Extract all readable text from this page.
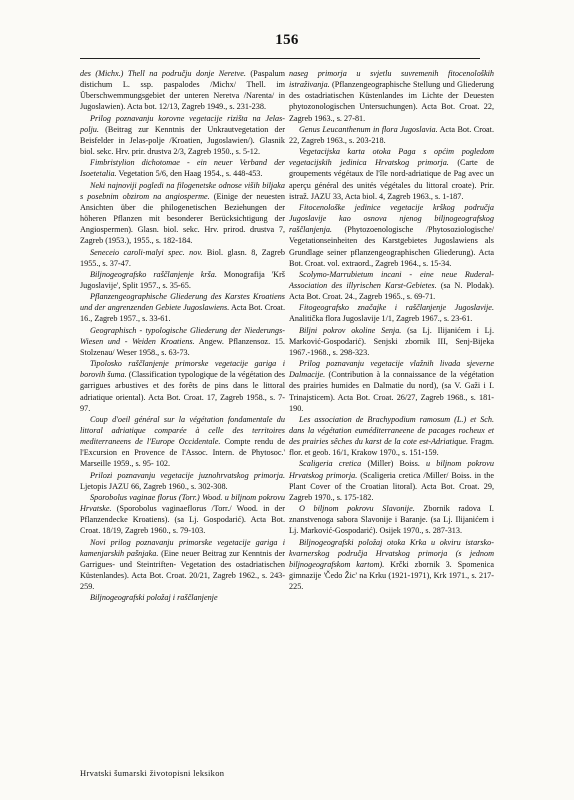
156

des (Michx.) Thell na području donje Neretve. (Paspalum distichum L. ssp. paspalodes /Michx/ Thell. im Überschwemmungsgebiet der unteren Neretva /Narenta/ in Jugoslawien). Acta bot. 12/13, Zagreb 1949., s. 231-238.

Prilog poznavanju korovne vegetacije rizišta na Jelas-polju. (Beitrag zur Kenntnis der Unkrautvegetation der Beisfelder in Jelas-polje /Kroatien, Jugoslawien/). Glasnik biol. sekc. Hrv. prir. drustva 2/3, Zagreb 1950., s. 5-12.

Fimbristylion dichotomae - ein neuer Verband der Isoetetalia. Vegetation 5/6, den Haag 1954., s. 448-453.

Neki najnoviji pogledi na filogenetske odnose viših biljaka s posebnim obzirom na angiosperme. (Einige der neuesten Ansichten über die philogenetischen Beziehungen der höheren Pflanzen mit besonderer Berücksichtigung der Angiospermen). Glasn. biol. sekc. Hrv. prirod. drustva 7, Zagreb (1953.), 1955., s. 182-184.

Seneceio caroli-malyi spec. nov. Biol. glasn. 8, Zagreb 1955., s. 37-47.

Biljnogeografsko raščlanjenje krša. Monografija 'Krš Jugoslavije', Split 1957., s. 35-65.

Pflanzengeographische Gliederung des Karstes Kroatiens und der angrenzenden Gebiete Jugoslawiens. Acta Bot. Croat. 16., Zagreb 1957., s. 33-61.

Geographisch - typologische Gliederung der Niederungs-Wiesen und - Weiden Kroatiens. Angew. Pflanzensoz. 15. Stolzenau/ Weser 1958., s. 63-73.

Tipolosko raščlanjenje primorske vegetacije gariga i borovih šuma. (Classification typologique de la végétation des garrigues arbustives et des forêts de pins dans le littoral adriatique oriental). Acta Bot. Croat. 17, Zagreb 1958., s. 7-97.

Coup d'oeil général sur la végétation fondamentale du littoral adriatique comparée à celle des territoires mediterraneens de l'Europe Occidentale. Compte rendu de l'Excursion en Provence de l'Assoc. Intern. de Phytosoc.' Marseille 1959., s. 95- 102.

Prilozi poznavanju vegetacije juznohrvatskog primorja. Ljetopis JAZU 66, Zagreb 1960., s. 302-308.

Sporobolus vaginae florus (Torr.) Wood. u biljnom pokrovu Hrvatske. (Sporobolus vaginaeflorus /Torr./ Wood. in der Pflanzendecke Kroatiens). (sa Lj. Gospodarić). Acta Bot. Croat. 18/19, Zagreb 1960., s. 79-103.

Novi prilog poznavanju primorske vegetacije gariga i kamenjarskih pašnjaka. (Eine neuer Beitrag zur Kenntnis der Garrigues- und Steintriften- Vegetation des ostadriatischen Küstenlandes). Acta Bot. Croat. 20/21, Zagreb 1962., s. 243-259.

Biljnogeografski položaj i raščlanjenje

naseg primorja u svjetlu suvremenih fitocenoloških istraživanja. (Pflanzengeographische Stellung und Gliederung des ostadriatischen Küstenlandes im Lichte der Deuesten phytozonologischen Untersuchungen). Acta Bot. Croat. 22, Zagreb 1963., s. 27-81.

Genus Leucanthenum in flora Jugoslavia. Acta Bot. Croat. 22, Zagreb 1963., s. 203-218.

Vegetacijska karta otoka Paga s općim pogledom vegetacijskih jedinica Hrvatskog primorja. (Carte de groupements végétaux de l'île nord-adriatique de Pag avec un aperçu général des unités végétales du littoral croate). Prir. istraž. JAZU 33, Acta biol. 4, Zagreb 1963., s. 1-187.

Fitocenološke jedinice vegetacije krškog područja Jugoslavije kao osnova njenog biljnogeografskog raščlanjenja. (Phytozoenologische /Phytosoziologische/ Vegetationseinheiten des Karstgebietes Jugoslawiens als Grundlage seiner pflanzengeographischen Gliederung). Acta Bot. Croat. vol. extraord., Zagreb 1964., s. 15-34.

Scolymo-Marrubietum incani - eine neue Ruderal- Association des illyrischen Karst-Gebietes. (sa N. Plodak). Acta Bot. Croat. 24., Zagreb 1965., s. 69-71.

Fitogeografsko značajke i raščlanjenje Jugoslavije. Analitička flora Jugoslavije 1/1, Zagreb 1967., s. 23-61.

Biljni pokrov okoline Senja. (sa Lj. Ilijanićem i Lj. Marković-Gospodarić). Senjski zbornik III, Senj-Bijeka 1967.-1968., s. 298-323.

Prilog poznavanju vegetacije vlažnih livada sjeverne Dalmacije. (Contribution à la connaissance de la végétation des prairies humides en Dalmatie du nord), (sa V. Gaži i I. Trinajsticem). Acta Bot. Croat. 26/27, Zagreb 1968., s. 181-190.

Les association de Brachypodium ramosum (L.) et Sch. dans la végétation euméditerraneene de pacages rocheux et des prairies sêches du karst de la cote est-Adriatique. Fragm. flor. et geob. 16/1, Krakow 1970., s. 151-159.

Scaligeria cretica (Miller) Boiss. u biljnom pokrovu Hrvatskog primorja. (Scaligeria cretica /Miller/ Boiss. in the Plant Cover of the Croatian litoral). Acta Bot. Croat. 29, Zagreb 1970., s. 175-182.

O biljnom pokrovu Slavonije. Zbornik radova I. znanstvenoga sabora Slavonije i Baranje. (sa Lj. Ilijanićem i Lj. Marković-Gospodarić). Osijek 1970., s. 287-313.

Biljnogeografski položaj otoka Krka u okviru istarsko-kvarnerskog područja Hrvatskog primorja (s jednom biljnogeografskom kartom). Krčki zbornik 3. Spomenica gimnazije 'Čedo Žic' na Krku (1921-1971), Krk 1971., s. 217-225.

Hrvatski šumarski životopisni leksikon
